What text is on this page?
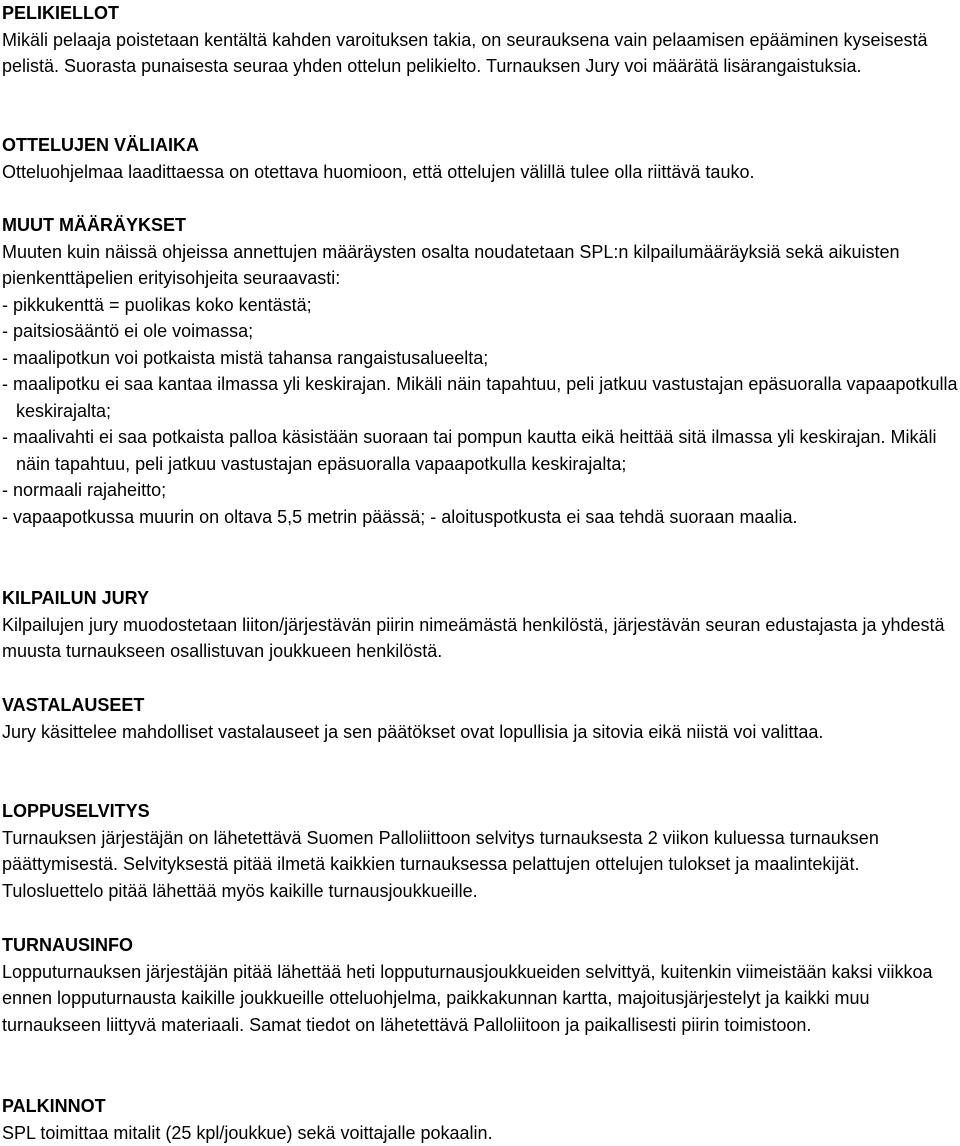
PELIKIELLOT

Mikäli pelaaja poistetaan kentältä kahden varoituksen takia, on seurauksena vain pelaamisen epääminen kyseisestä pelistä. Suorasta punaisesta seuraa yhden ottelun pelikielto. Turnauksen Jury voi määrätä lisärangaistuksia.

OTTELUJEN VÄLIAIKA

Otteluohjelmaa laadittaessa on otettava huomioon, että ottelujen välillä tulee olla riittävä tauko.

MUUT MÄÄRÄYKSET

Muuten kuin näissä ohjeissa annettujen määräysten osalta noudatetaan SPL:n kilpailumääräyksiä sekä aikuisten pienkenttäpelien erityisohjeita seuraavasti:

- pikkukenttä = puolikas koko kentästä;
- paitsiosääntö ei ole voimassa;
- maalipotkun voi potkaista mistä tahansa rangaistusalueelta;
- maalipotku ei saa kantaa ilmassa yli keskirajan. Mikäli näin tapahtuu, peli jatkuu vastustajan epäsuoralla vapaapotkulla keskirajalta;
- maalivahti ei saa potkaista palloa käsistään suoraan tai pompun kautta eikä heittää sitä ilmassa yli keskirajan. Mikäli näin tapahtuu, peli jatkuu vastustajan epäsuoralla vapaapotkulla keskirajalta;
- normaali rajaheitto;
- vapaapotkussa muurin on oltava 5,5 metrin päässä; - aloituspotkusta ei saa tehdä suoraan maalia.
KILPAILUN JURY

Kilpailujen jury muodostetaan liiton/järjestävän piirin nimeämästä henkilöstä, järjestävän seuran edustajasta ja yhdestä muusta turnaukseen osallistuvan joukkueen henkilöstä.

VASTALAUSEET

Jury käsittelee mahdolliset vastalauseet ja sen päätökset ovat lopullisia ja sitovia eikä niistä voi valittaa.

LOPPUSELVITYS

Turnauksen järjestäjän on lähetettävä Suomen Palloliittoon selvitys turnauksesta 2 viikon kuluessa turnauksen päättymisestä. Selvityksestä pitää ilmetä kaikkien turnauksessa pelattujen ottelujen tulokset ja maalintekijät. Tulosluettelo pitää lähettää myös kaikille turnausjoukkueille.

TURNAUSINFO

Lopputurnauksen järjestäjän pitää lähettää heti lopputurnausjoukkueiden selvittyä, kuitenkin viimeistään kaksi viikkoa ennen lopputurnausta kaikille joukkueille otteluohjelma, paikkakunnan kartta, majoitusjärjestelyt ja kaikki muu turnaukseen liittyvä materiaali. Samat tiedot on lähetettävä Palloliitoon ja paikallisesti piirin toimistoon.

PALKINNOT

SPL toimittaa mitalit (25 kpl/joukkue) sekä voittajalle pokaalin.
